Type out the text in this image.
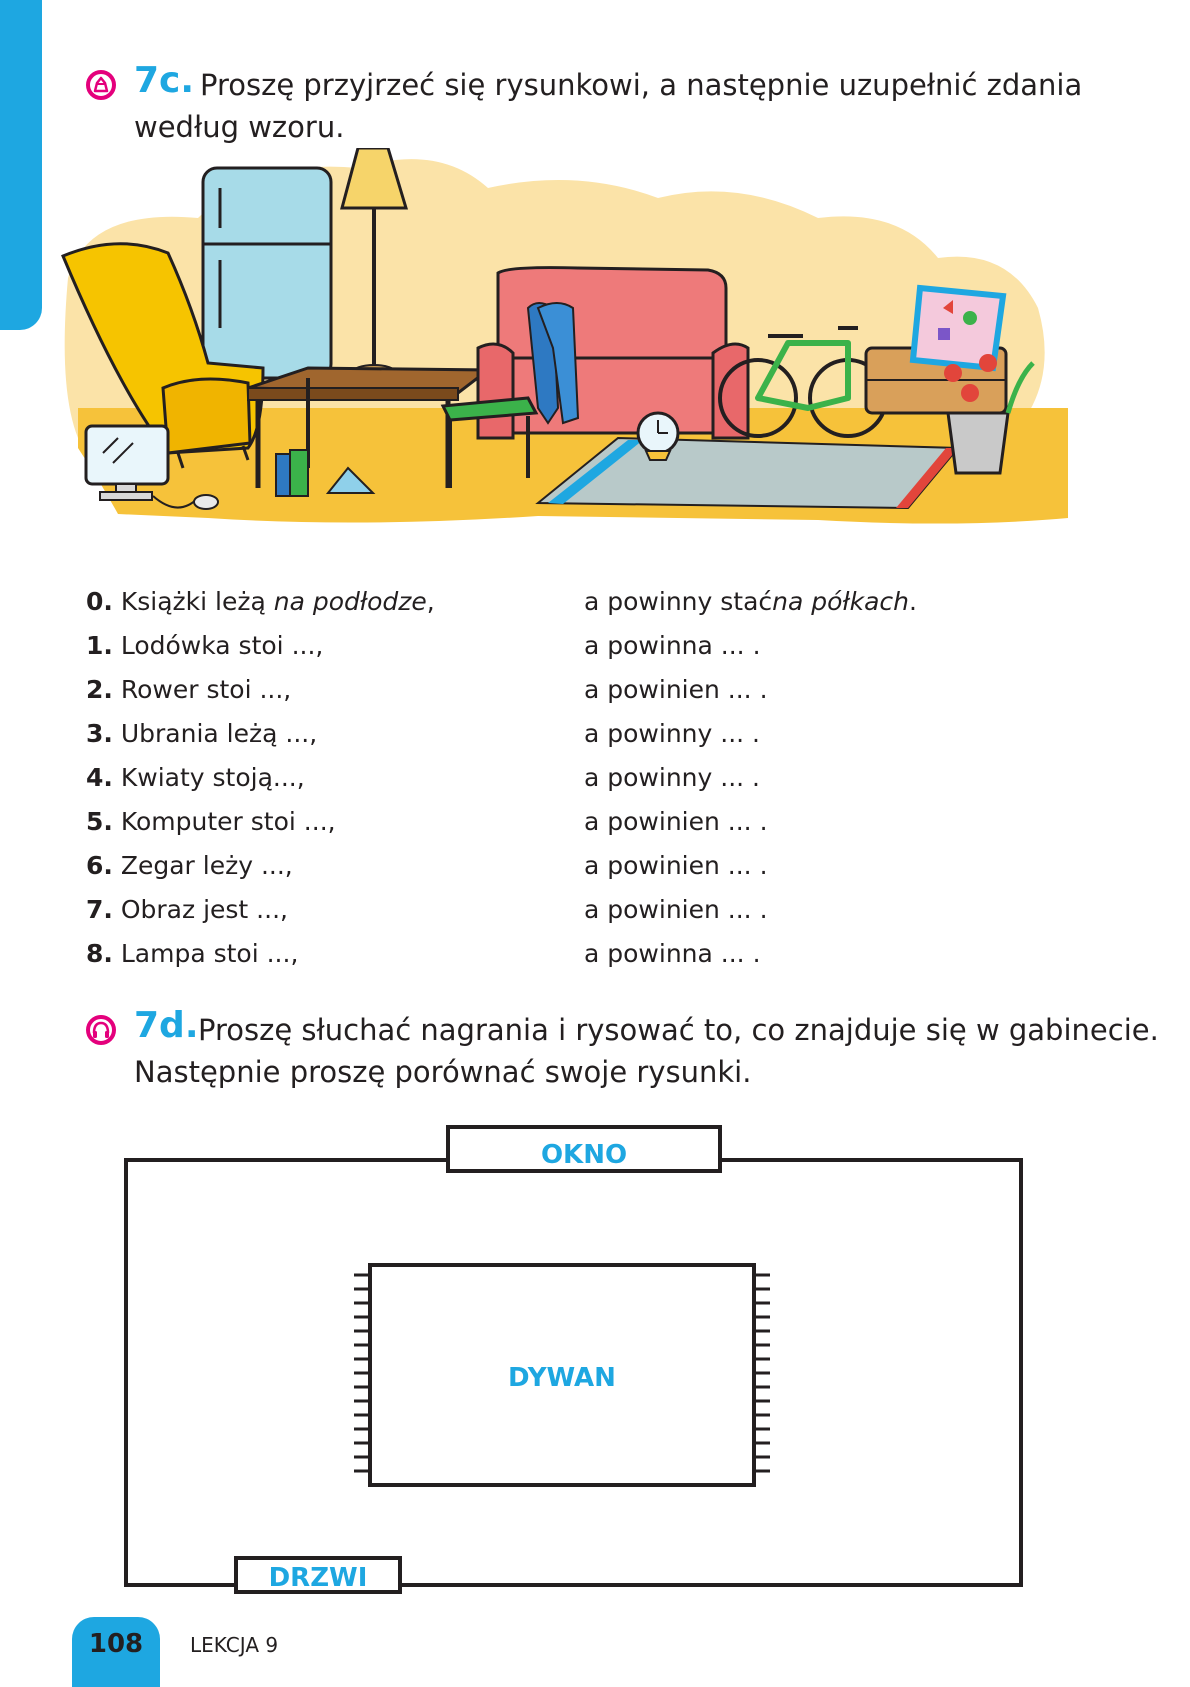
7c. Proszę przyjrzeć się rysunkowi, a następnie uzupełnić zdania
według wzoru.
0. Książki leżą na podłodze,	a powinny staćna półkach.
1. Lodówka stoi ...,	a powinna ... .
2. Rower stoi ...,	a powinien ... .
3. Ubrania leżą ...,	a powinny ... .
4. Kwiaty stoją...,	a powinny ... .
5. Komputer stoi ...,	a powinien ... .
6. Zegar leży ...,	a powinien ... .
7. Obraz jest ...,	a powinien ... .
8. Lampa stoi ...,	a powinna ... .
7d. Proszę słuchać nagrania i rysować to, co znajduje się w gabinecie.
Następnie proszę porównać swoje rysunki.
OKNO
DYWAN
DRZWI
108	LEKCJA 9
